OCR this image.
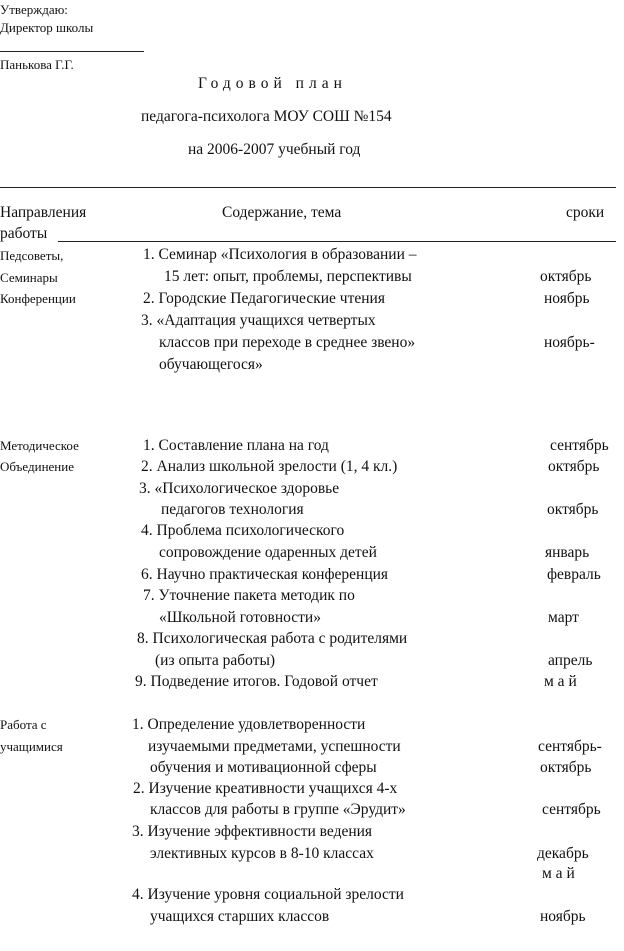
Утверждаю:
Директор школы
Панькова Г.Г.
Годовой план
педагога-психолога МОУ СОШ №154
на 2006-2007 учебный год
Направления
работы
Содержание, тема	сроки
Педсоветы,
Семинары
Конференции
1. Семинар «Психология в образовании –
15 лет: опыт, проблемы, перспективы	октябрь
2. Городские Педагогические чтения	ноябрь
3. «Адаптация учащихся четвертых
классов при переходе в среднее звено»	ноябрь-
обучающегося»
Методическое
Объединение
1. Составление плана на год	сентябрь
2. Анализ школьной зрелости (1, 4 кл.)	октябрь
3. «Психологическое здоровье
педагогов технология	октябрь
4. Проблема психологического
сопровождение одаренных детей	январь
6. Научно практическая конференция	февраль
7. Уточнение пакета методик по
«Школьной готовности»	март
8. Психологическая работа с родителями
(из опыта работы)	апрель
9. Подведение итогов. Годовой отчет	м а й
Работа с
учащимися
1. Определение удовлетворенности
изучаемыми предметами, успешности	сентябрь-
обучения и мотивационной сферы	октябрь
2. Изучение креативности учащихся 4-х
классов для работы в группе «Эрудит»	сентябрь
3. Изучение эффективности ведения
элективных курсов в 8-10 классах	декабрь
м а й
4. Изучение уровня социальной зрелости
учащихся старших классов	ноябрь
